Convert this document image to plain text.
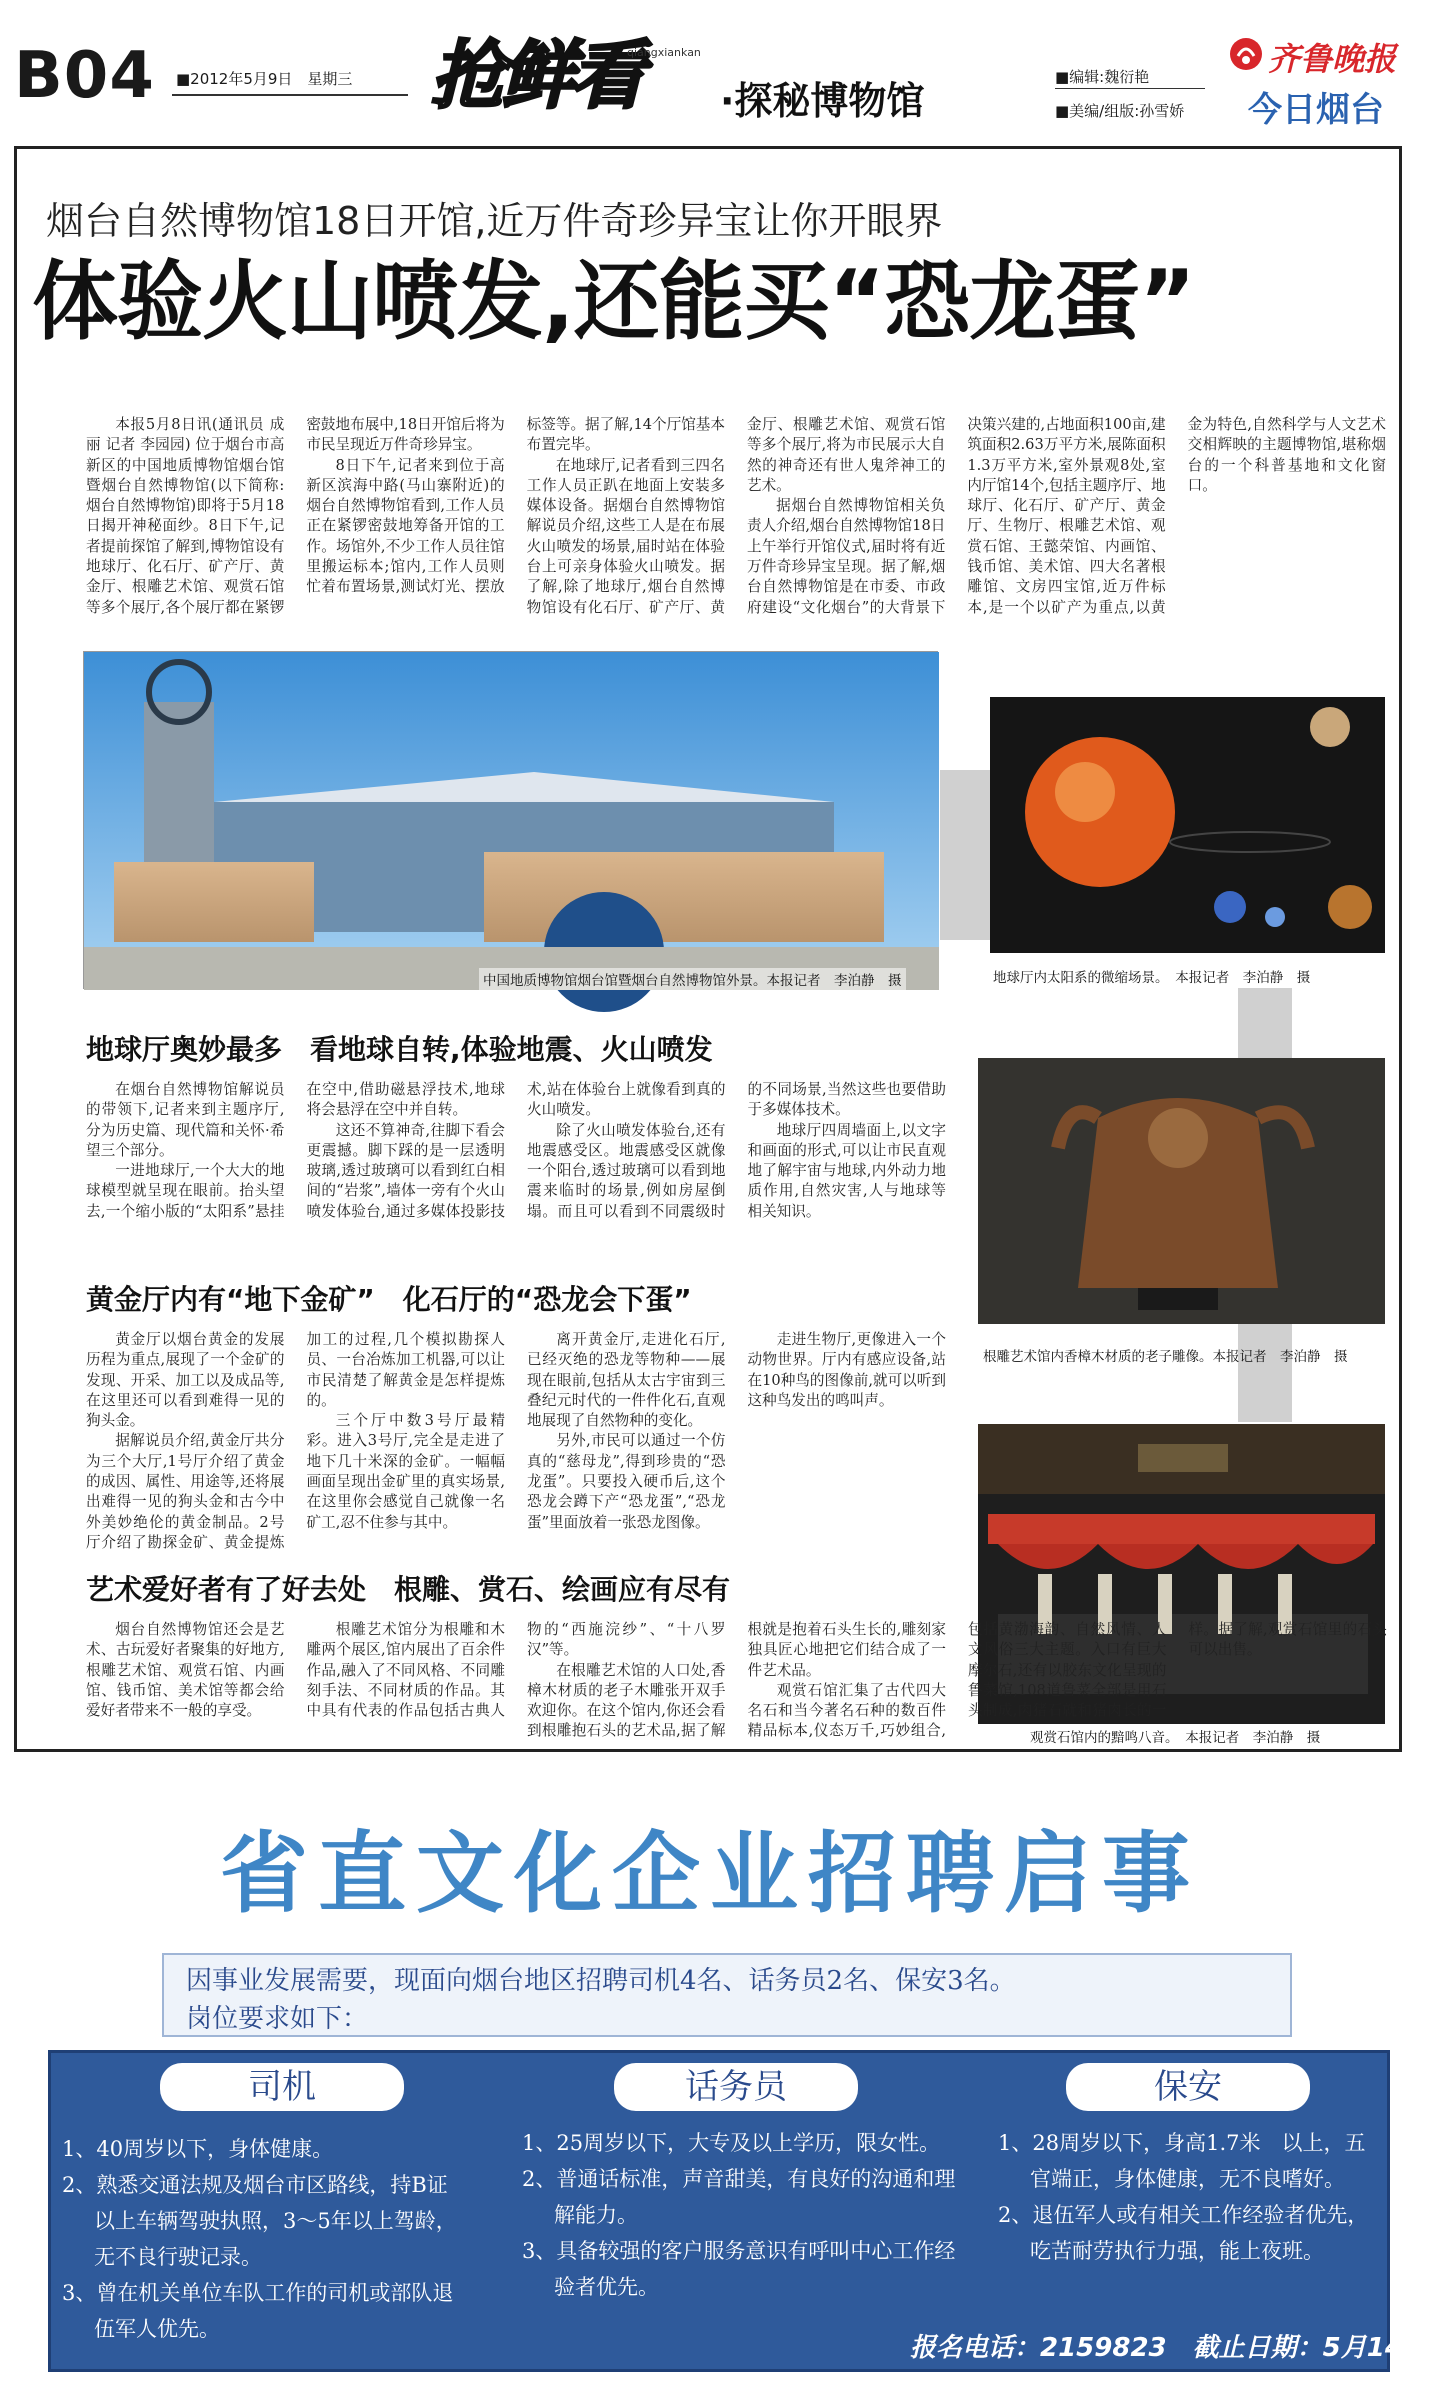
B04 ■2012年5月9日　星期三 抢鲜看
qiangxiankan
·探秘博物馆
■编辑:魏衍艳
■美编/组版:孙雪娇
齐鲁晚报
今日烟台
烟台自然博物馆18日开馆,近万件奇珍异宝让你开眼界
体验火山喷发,还能买“恐龙蛋”

本报5月8日讯(通讯员 成丽 记者 李园园) 位于烟台市高新区的中国地质博物馆烟台馆暨烟台自然博物馆(以下简称:烟台自然博物馆)即将于5月18日揭开神秘面纱。8日下午,记者提前探馆了解到,博物馆设有地球厅、化石厅、矿产厅、黄金厅、根雕艺术馆、观赏石馆等多个展厅,各个展厅都在紧锣密鼓地布展中,18日开馆后将为市民呈现近万件奇珍异宝。

8日下午,记者来到位于高新区滨海中路(马山寨附近)的烟台自然博物馆看到,工作人员正在紧锣密鼓地筹备开馆的工作。场馆外,不少工作人员往馆里搬运标本;馆内,工作人员则忙着布置场景,测试灯光、摆放标签等。据了解,14个厅馆基本布置完毕。

在地球厅,记者看到三四名工作人员正趴在地面上安装多媒体设备。据烟台自然博物馆解说员介绍,这些工人是在布展火山喷发的场景,届时站在体验台上可亲身体验火山喷发。据了解,除了地球厅,烟台自然博物馆设有化石厅、矿产厅、黄金厅、根雕艺术馆、观赏石馆等多个展厅,将为市民展示大自然的神奇还有世人鬼斧神工的艺术。

据烟台自然博物馆相关负责人介绍,烟台自然博物馆18日上午举行开馆仪式,届时将有近万件奇珍异宝呈现。据了解,烟台自然博物馆是在市委、市政府建设“文化烟台”的大背景下决策兴建的,占地面积100亩,建筑面积2.63万平方米,展陈面积1.3万平方米,室外景观8处,室内厅馆14个,包括主题序厅、地球厅、化石厅、矿产厅、黄金厅、生物厅、根雕艺术馆、观赏石馆、王懿荣馆、内画馆、钱币馆、美术馆、四大名著根雕馆、文房四宝馆,近万件标本,是一个以矿产为重点,以黄金为特色,自然科学与人文艺术交相辉映的主题博物馆,堪称烟台的一个科普基地和文化窗口。

中国地质博物馆烟台馆暨烟台自然博物馆外景。本报记者　李泊静　摄	地球厅内太阳系的微缩场景。　本报记者　李泊静　摄
地球厅奥妙最多　看地球自转,体验地震、火山喷发

在烟台自然博物馆解说员的带领下,记者来到主题序厅,分为历史篇、现代篇和关怀·希望三个部分。

一进地球厅,一个大大的地球模型就呈现在眼前。抬头望去,一个缩小版的“太阳系”悬挂在空中,借助磁悬浮技术,地球将会悬浮在空中并自转。

这还不算神奇,往脚下看会更震撼。脚下踩的是一层透明玻璃,透过玻璃可以看到红白相间的“岩浆”,墙体一旁有个火山喷发体验台,通过多媒体投影技术,站在体验台上就像看到真的火山喷发。

除了火山喷发体验台,还有地震感受区。地震感受区就像一个阳台,透过玻璃可以看到地震来临时的场景,例如房屋倒塌。而且可以看到不同震级时的不同场景,当然这些也要借助于多媒体技术。

地球厅四周墙面上,以文字和画面的形式,可以让市民直观地了解宇宙与地球,内外动力地质作用,自然灾害,人与地球等相关知识。

根雕艺术馆内香樟木材质的老子雕像。本报记者　李泊静　摄
黄金厅内有“地下金矿”　化石厅的“恐龙会下蛋”

黄金厅以烟台黄金的发展历程为重点,展现了一个金矿的发现、开采、加工以及成品等,在这里还可以看到难得一见的狗头金。

据解说员介绍,黄金厅共分为三个大厅,1号厅介绍了黄金的成因、属性、用途等,还将展出难得一见的狗头金和古今中外美妙绝伦的黄金制品。2号厅介绍了勘探金矿、黄金提炼加工的过程,几个模拟勘探人员、一台冶炼加工机器,可以让市民清楚了解黄金是怎样提炼的。

三个厅中数3号厅最精彩。进入3号厅,完全是走进了地下几十米深的金矿。一幅幅画面呈现出金矿里的真实场景,在这里你会感觉自己就像一名矿工,忍不住参与其中。

离开黄金厅,走进化石厅,已经灭绝的恐龙等物种——展现在眼前,包括从太古宇宙到三叠纪元时代的一件件化石,直观地展现了自然物种的变化。

另外,市民可以通过一个仿真的“慈母龙”,得到珍贵的“恐龙蛋”。只要投入硬币后,这个恐龙会蹲下产“恐龙蛋”,“恐龙蛋”里面放着一张恐龙图像。

走进生物厅,更像进入一个动物世界。厅内有感应设备,站在10种鸟的图像前,就可以听到这种鸟发出的鸣叫声。

观赏石馆内的黯鸣八音。　本报记者　李泊静　摄
艺术爱好者有了好去处　根雕、赏石、绘画应有尽有

烟台自然博物馆还会是艺术、古玩爱好者聚集的好地方,根雕艺术馆、观赏石馆、内画馆、钱币馆、美术馆等都会给爱好者带来不一般的享受。

根雕艺术馆分为根雕和木雕两个展区,馆内展出了百余件作品,融入了不同风格、不同雕刻手法、不同材质的作品。其中具有代表的作品包括古典人物的“西施浣纱”、“十八罗汉”等。

在根雕艺术馆的人口处,香樟木材质的老子木雕张开双手欢迎你。在这个馆内,你还会看到根雕抱石头的艺术品,据了解根就是抱着石头生长的,雕刻家独具匠心地把它们结合成了一件艺术品。

观赏石馆汇集了古代四大名石和当今著名石种的数百件精品标本,仪态万千,巧妙组合,包括黄渤海韵、自然风情、人文风俗三大主题。入口有巨大摩尔石,还有以胶东文化呈现的鲁菜馆,108道鲁菜全部是用石头制成,肉猪石就和猪肉长的一样。据了解,观赏石馆里的石头可以出售。

省直文化企业招聘启事
因事业发展需要，现面向烟台地区招聘司机4名、话务员2名、保安3名。
岗位要求如下：
司机	话务员	保安
1、40周岁以下，身体健康。
2、熟悉交通法规及烟台市区路线，持B证以上车辆驾驶执照，3～5年以上驾龄，无不良行驶记录。
3、曾在机关单位车队工作的司机或部队退伍军人优先。
1、25周岁以下，大专及以上学历，限女性。
2、普通话标准，声音甜美，有良好的沟通和理解能力。
3、具备较强的客户服务意识有呼叫中心工作经验者优先。
1、28周岁以下，身高1.7米　以上，五官端正，身体健康，无不良嗜好。
2、退伍军人或有相关工作经验者优先，吃苦耐劳执行力强，能上夜班。
报名电话：2159823　截止日期：5月14日
